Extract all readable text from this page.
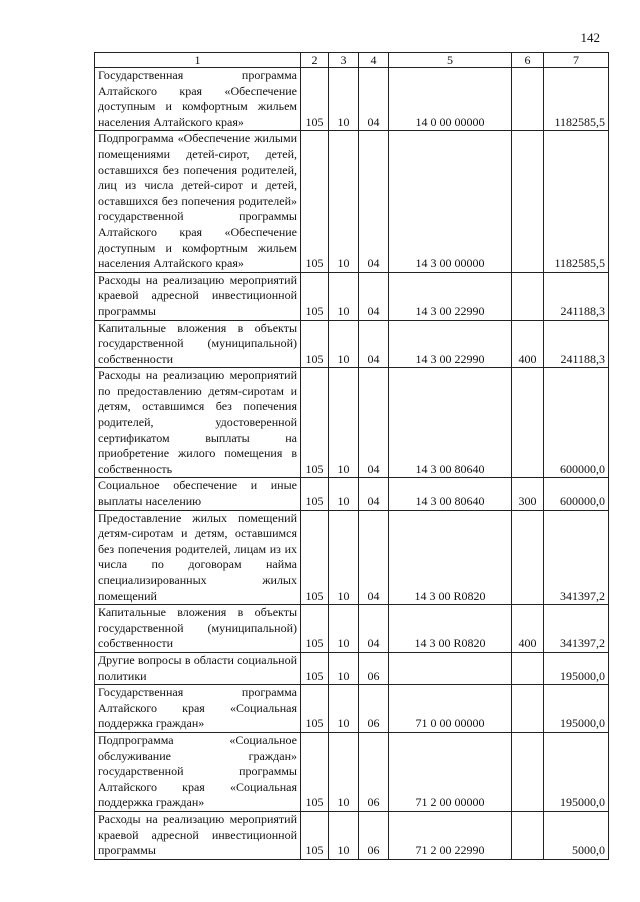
142
1	2	3	4	5	6	7
Государственная программа Алтайского края «Обеспечение доступным и комфортным жильем населения Алтайского края»	105	10	04	14 0 00 00000		1182585,5
Подпрограмма «Обеспечение жилыми помещениями детей-сирот, детей, оставшихся без попечения родителей, лиц из числа детей-сирот и детей, оставшихся без попечения родителей» государственной программы Алтайского края «Обеспечение доступным и комфортным жильем населения Алтайского края»	105	10	04	14 3 00 00000		1182585,5
Расходы на реализацию мероприятий краевой адресной инвестиционной программы	105	10	04	14 3 00 22990		241188,3
Капитальные вложения в объекты государственной (муниципальной) собственности	105	10	04	14 3 00 22990	400	241188,3
Расходы на реализацию мероприятий по предоставлению детям-сиротам и детям, оставшимся без попечения родителей, удостоверенной сертификатом выплаты на приобретение жилого помещения в собственность	105	10	04	14 3 00 80640		600000,0
Социальное обеспечение и иные выплаты населению	105	10	04	14 3 00 80640	300	600000,0
Предоставление жилых помещений детям-сиротам и детям, оставшимся без попечения родителей, лицам из их числа по договорам найма специализированных жилых помещений	105	10	04	14 3 00 R0820		341397,2
Капитальные вложения в объекты государственной (муниципальной) собственности	105	10	04	14 3 00 R0820	400	341397,2
Другие вопросы в области социальной политики	105	10	06			195000,0
Государственная программа Алтайского края «Социальная поддержка граждан»	105	10	06	71 0 00 00000		195000,0
Подпрограмма «Социальное обслуживание граждан» государственной программы Алтайского края «Социальная поддержка граждан»	105	10	06	71 2 00 00000		195000,0
Расходы на реализацию мероприятий краевой адресной инвестиционной программы	105	10	06	71 2 00 22990		5000,0
